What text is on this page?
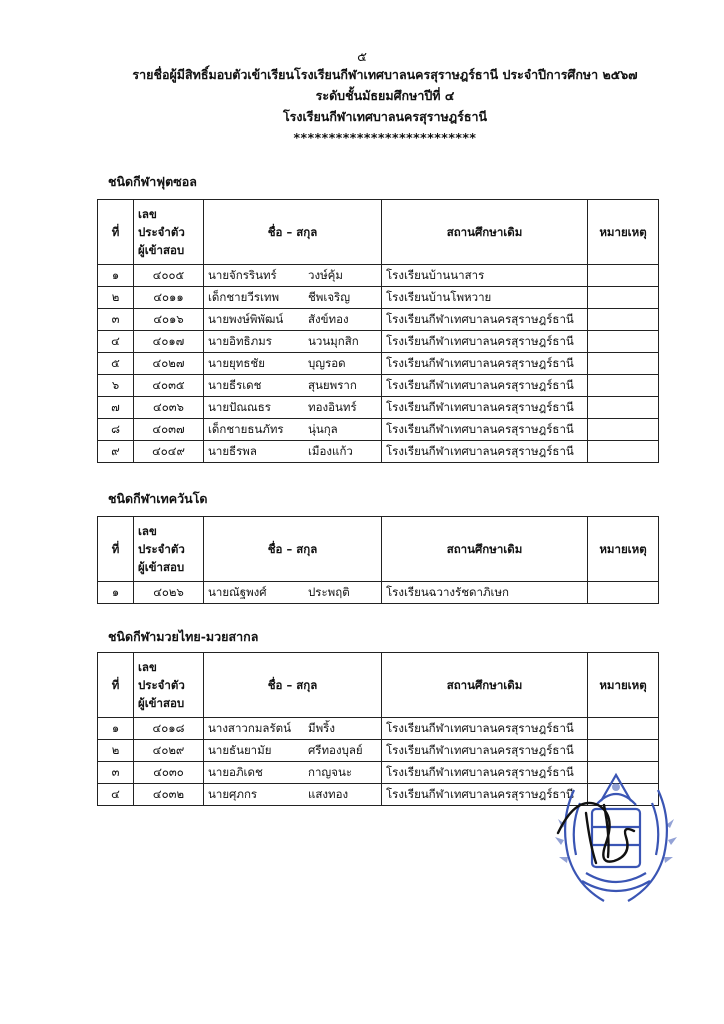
๕
รายชื่อผู้มีสิทธิ์มอบตัวเข้าเรียนโรงเรียนกีฬาเทศบาลนครสุราษฎร์ธานี ประจำปีการศึกษา ๒๕๖๗
ระดับชั้นมัธยมศึกษาปีที่ ๔
โรงเรียนกีฬาเทศบาลนครสุราษฎร์ธานี
**************************
ชนิดกีฬาฟุตซอล
ที่	เลข
ประจำตัว
ผู้เข้าสอบ	ชื่อ – สกุล	สถานศึกษาเดิม	หมายเหตุ
๑	๔๐๐๕	นายจักรรินทร์ วงษ์คุ้ม	โรงเรียนบ้านนาสาร	
๒	๔๐๑๑	เด็กชายวีรเทพ ชีพเจริญ	โรงเรียนบ้านโพหวาย	
๓	๔๐๑๖	นายพงษ์พิพัฒน์ สังข์ทอง	โรงเรียนกีฬาเทศบาลนครสุราษฎร์ธานี	
๔	๔๐๑๗	นายอิทธิภมร นวนมุกสิก	โรงเรียนกีฬาเทศบาลนครสุราษฎร์ธานี	
๕	๔๐๒๗	นายยุทธชัย บุญรอด	โรงเรียนกีฬาเทศบาลนครสุราษฎร์ธานี	
๖	๔๐๓๕	นายธีรเดช สุนยพราก	โรงเรียนกีฬาเทศบาลนครสุราษฎร์ธานี	
๗	๔๐๓๖	นายปัณณธร ทองอินทร์	โรงเรียนกีฬาเทศบาลนครสุราษฎร์ธานี	
๘	๔๐๓๗	เด็กชายธนภัทร นุ่นกุล	โรงเรียนกีฬาเทศบาลนครสุราษฎร์ธานี	
๙	๔๐๔๙	นายธีรพล เมืองแก้ว	โรงเรียนกีฬาเทศบาลนครสุราษฎร์ธานี	
ชนิดกีฬาเทควันโด
ที่	เลข
ประจำตัว
ผู้เข้าสอบ	ชื่อ – สกุล	สถานศึกษาเดิม	หมายเหตุ
๑	๔๐๒๖	นายณัฐพงศ์ ประพฤติ	โรงเรียนฉวางรัชดาภิเษก	
ชนิดกีฬามวยไทย-มวยสากล
ที่	เลข
ประจำตัว
ผู้เข้าสอบ	ชื่อ – สกุล	สถานศึกษาเดิม	หมายเหตุ
๑	๔๐๑๘	นางสาวกมลรัตน์ มีพริ้ง	โรงเรียนกีฬาเทศบาลนครสุราษฎร์ธานี	
๒	๔๐๒๙	นายธันยามัย ศรีทองบุลย์	โรงเรียนกีฬาเทศบาลนครสุราษฎร์ธานี	
๓	๔๐๓๐	นายอภิเดช กาญจนะ	โรงเรียนกีฬาเทศบาลนครสุราษฎร์ธานี	
๔	๔๐๓๒	นายศุภกร แสงทอง	โรงเรียนกีฬาเทศบาลนครสุราษฎร์ธานี	
